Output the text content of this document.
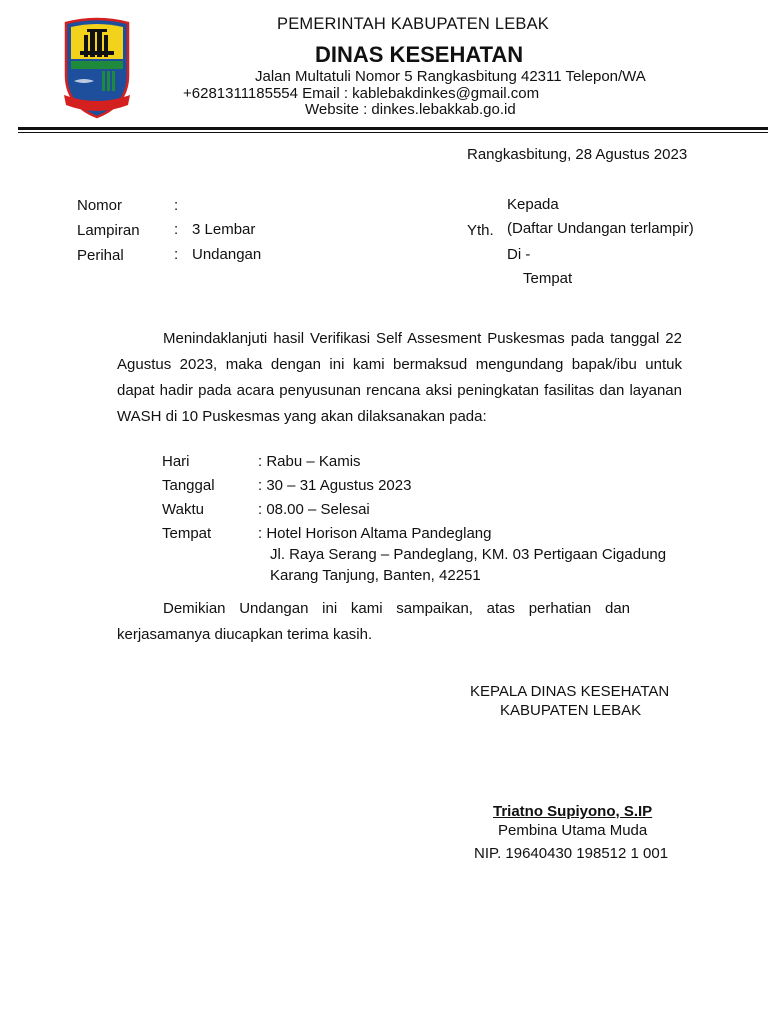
PEMERINTAH KABUPATEN LEBAK
DINAS KESEHATAN
Jalan Multatuli Nomor 5 Rangkasbitung 42311 Telepon/WA
+6281311185554 Email : kablebakdinkes@gmail.com
Website : dinkes.lebakkab.go.id
Rangkasbitung, 28 Agustus 2023
Nomor	:
Lampiran : 3 Lembar
Perihal	: Undangan
Kepada
Yth. (Daftar Undangan terlampir)
Di -
Tempat

Menindaklanjuti hasil Verifikasi Self Assesment Puskesmas pada tanggal 22 Agustus 2023, maka dengan ini kami bermaksud mengundang bapak/ibu untuk dapat hadir pada acara penyusunan rencana aksi peningkatan fasilitas dan layanan WASH di 10 Puskesmas yang akan dilaksanakan pada:

Hari	: Rabu – Kamis
Tanggal	: 30 – 31 Agustus 2023
Waktu	: 08.00 – Selesai
Tempat	: Hotel Horison Altama Pandeglang
Jl. Raya Serang – Pandeglang, KM. 03 Pertigaan Cigadung
Karang Tanjung, Banten, 42251

Demikian Undangan ini kami sampaikan, atas perhatian dan kerjasamanya diucapkan terima kasih.

KEPALA DINAS KESEHATAN
KABUPATEN LEBAK
Triatno Supiyono, S.IP
Pembina Utama Muda
NIP. 19640430 198512 1 001
